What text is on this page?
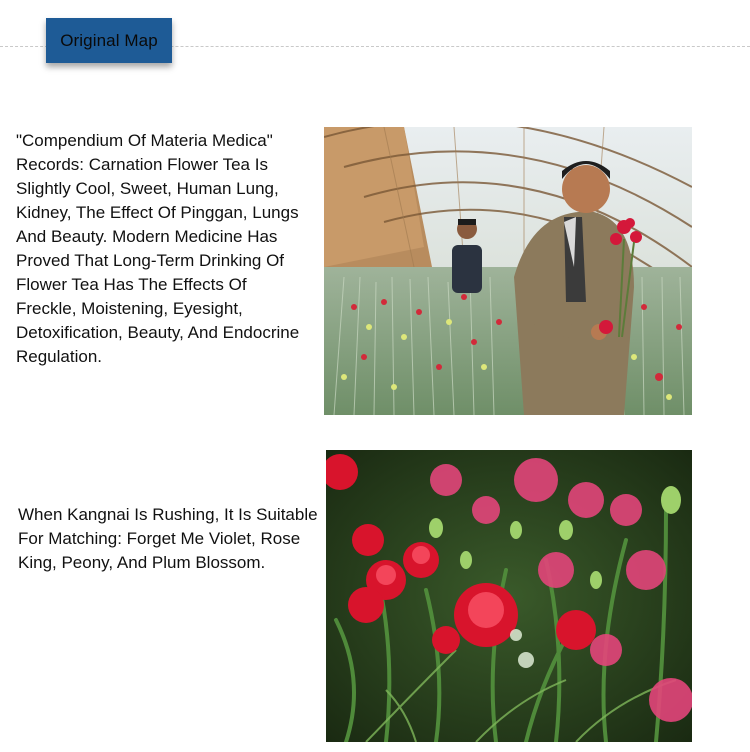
Original Map

"Compendium Of Materia Medica" Records: Carnation Flower Tea Is Slightly Cool, Sweet, Human Lung, Kidney, The Effect Of Pinggan, Lungs And Beauty. Modern Medicine Has Proved That Long-Term Drinking Of Flower Tea Has The Effects Of Freckle, Moistening, Eyesight, Detoxification, Beauty, And Endocrine Regulation.

When Kangnai Is Rushing, It Is Suitable For Matching: Forget Me Violet, Rose King, Peony, And Plum Blossom.
